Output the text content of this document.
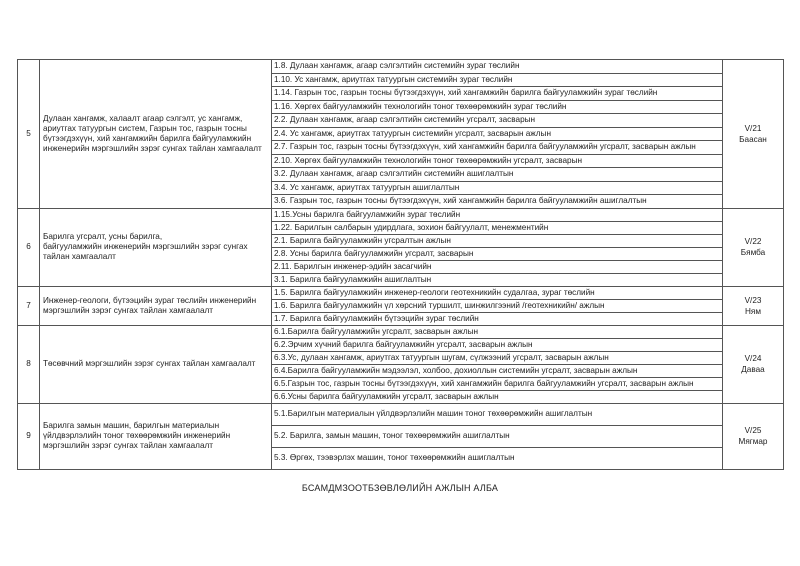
5	Дулаан хангамж, халаалт агаар сэлгэлт, ус хангамж,
ариутгах татуургын систем, Газрын тос, газрын тосны
бүтээгдэхүүн, хий хангамжийн барилга байгууламжийн
инженерийн мэргэшлийн зэрэг сунгах тайлан хамгаалалт	1.8. Дулаан хангамж, агаар сэлгэлтийн системийн зураг төслийн	V/21
Баасан

		1.10. Ус хангамж, ариутгах татуургын системийн зураг төслийн	
		1.14. Газрын тос, газрын тосны бүтээгдэхүүн, хий хангамжийн барилга байгууламжийн зураг төслийн	
		1.16. Хөргөх байгууламжийн технологийн тоног төхөөрөмжийн зураг төслийн	
		2.2. Дулаан хангамж, агаар сэлгэлтийн системийн угсралт, засварын	
		2.4. Ус хангамж, ариутгах татуургын системийн угсралт, засварын ажлын	
		2.7. Газрын тос, газрын тосны бүтээгдэхүүн, хий хангамжийн барилга байгууламжийн угсралт, засварын ажлын	
		2.10. Хөргөх байгууламжийн технологийн тоног төхөөрөмжийн угсралт, засварын	
		3.2. Дулаан хангамж, агаар сэлгэлтийн системийн ашиглалтын	
		3.4. Ус хангамж, ариутгах татуургын ашиглалтын	
		3.6. Газрын тос, газрын тосны бүтээгдэхүүн, хий хангамжийн барилга байгууламжийн ашиглалтын	
6	Барилга угсралт, усны барилга,
байгууламжийн инженерийн мэргэшлийн зэрэг сунгах
тайлан хамгаалалт	1.15.Усны барилга байгууламжийн зураг төслийн	V/22
Бямба

		1.22. Барилгын салбарын удирдлага, зохион байгуулалт, менежментийн	
		2.1. Барилга байгууламжийн угсралтын ажлын	
		2.8. Усны барилга байгууламжийн угсралт, засварын	
		2.11. Барилгын инженер-эдийн засагчийн	
		3.1. Барилга байгууламжийн ашиглалтын	
7	Инженер-геологи, бүтээцийн зураг төслийн инженерийн
мэргэшлийн зэрэг сунгах тайлан хамгаалалт	1.5. Барилга байгууламжийн инженер-геологи геотехникийн судалгаа, зураг төслийн	V/23
Ням

		1.6. Барилга байгууламжийн үл хөрсний туршилт, шинжилгээний /геотехникийн/ ажлын	
		1.7. Барилга байгууламжийн бүтээцийн зураг төслийн	
8	Төсөвчний мэргэшлийн зэрэг сунгах тайлан хамгаалалт	6.1.Барилга байгууламжийн угсралт, засварын ажлын	V/24
Даваа

		6.2.Эрчим хүчний барилга байгууламжийн угсралт, засварын ажлын	
		6.3.Ус, дулаан хангамж, ариутгах татуургын шугам, сүлжээний угсралт, засварын ажлын	
		6.4.Барилга байгууламжийн мэдээлэл, холбоо, дохиоллын системийн угсралт, засварын ажлын	
		6.5.Газрын тос, газрын тосны бүтээгдэхүүн, хий хангамжийн барилга байгууламжийн угсралт, засварын ажлын	
		6.6.Усны барилга байгууламжийн угсралт, засварын ажлын	
9	Барилга замын машин, барилгын материалын
үйлдвэрлэлийн тоног төхөөрөмжийн инженерийн
мэргэшлийн зэрэг сунгах тайлан хамгаалалт	5.1.Барилгын материалын үйлдвэрлэлийн машин тоног төхөөрөмжийн ашиглалтын	V/25
Мягмар

		5.2. Барилга, замын машин, тоног төхөөрөмжийн ашиглалтын	
		5.3. Өргөх, тээвэрлэх машин, тоног төхөөрөмжийн ашиглалтын	
БСАМДМЗООТБЗӨВЛӨЛИЙН АЖЛЫН АЛБА
